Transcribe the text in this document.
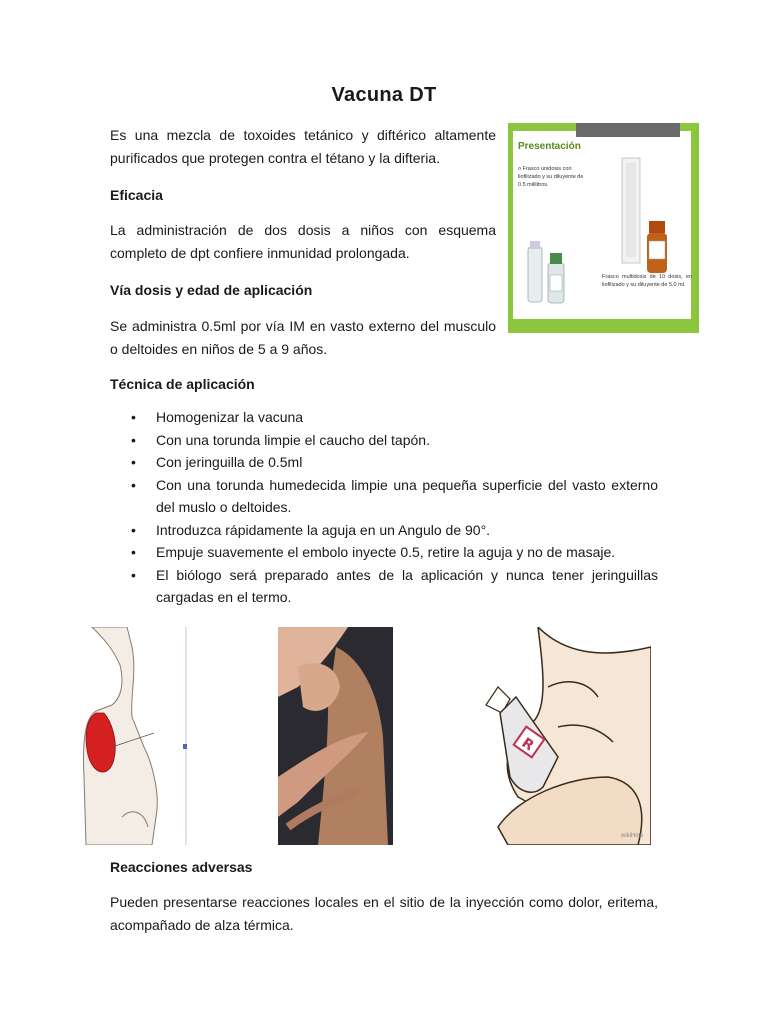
Vacuna DT

Es una mezcla de toxoides tetánico y diftérico altamente purificados que protegen contra el tétano y la difteria.

Presentación
o Frasco unidosis con liofilizado y su diluyente de 0.5 mililitros.
Frasco multidosis de 10 dosis, en liofilizado y su diluyente de 5.0 ml.
Eficacia

La administración de dos dosis a niños con esquema completo de dpt confiere inmunidad prolongada.

Vía dosis y edad de aplicación

Se administra 0.5ml por vía IM en vasto externo del musculo o deltoides en niños de 5 a 9 años.

Técnica de aplicación
• Homogenizar la vacuna
• Con una torunda limpie el caucho del tapón.
• Con jeringuilla de 0.5ml
• Con una torunda humedecida limpie una pequeña superficie del vasto externo del muslo o deltoides.
• Introduzca rápidamente la aguja en un Angulo de 90°.
• Empuje suavemente el embolo inyecte 0.5, retire la aguja y no de masaje.
• El biólogo será preparado antes de la aplicación y nunca tener jeringuillas cargadas en el termo.
R
wikiHow
Reacciones adversas

Pueden presentarse reacciones locales en el sitio de la inyección como dolor, eritema, acompañado de alza térmica.
